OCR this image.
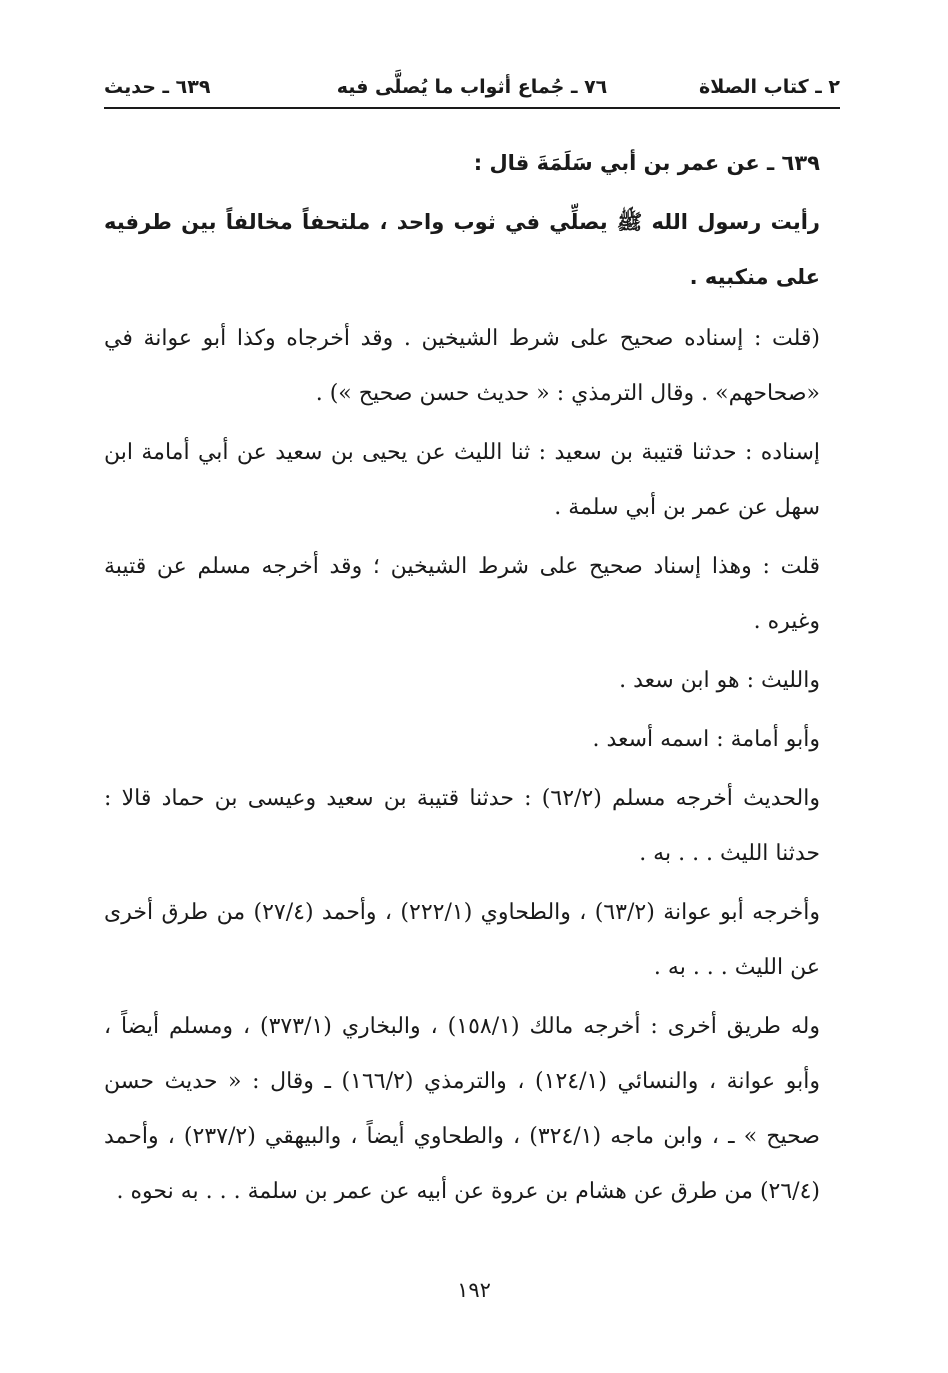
٢ ـ كتاب الصلاة
٧٦ ـ جُماع أثواب ما يُصلَّى فيه
٦٣٩ ـ حديث

٦٣٩ ـ عن عمر بن أبي سَلَمَةَ قال :

رأيت رسول الله ﷺ يصلِّي في ثوب واحد ، ملتحفاً مخالفاً بين طرفيه على منكبيه .

(قلت : إسناده صحيح على شرط الشيخين . وقد أخرجاه وكذا أبو عوانة في «صحاحهم» . وقال الترمذي : « حديث حسن صحيح ») .

إسناده : حدثنا قتيبة بن سعيد : ثنا الليث عن يحيى بن سعيد عن أبي أمامة ابن سهل عن عمر بن أبي سلمة .

قلت : وهذا إسناد صحيح على شرط الشيخين ؛ وقد أخرجه مسلم عن قتيبة وغيره .

والليث : هو ابن سعد .

وأبو أمامة : اسمه أسعد .

والحديث أخرجه مسلم (٦٢/٢) : حدثنا قتيبة بن سعيد وعيسى بن حماد قالا : حدثنا الليث . . . به .

وأخرجه أبو عوانة (٦٣/٢) ، والطحاوي (٢٢٢/١) ، وأحمد (٢٧/٤) من طرق أخرى عن الليث . . . به .

وله طريق أخرى : أخرجه مالك (١٥٨/١) ، والبخاري (٣٧٣/١) ، ومسلم أيضاً ، وأبو عوانة ، والنسائي (١٢٤/١) ، والترمذي (١٦٦/٢) ـ وقال : « حديث حسن صحيح » ـ ، وابن ماجه (٣٢٤/١) ، والطحاوي أيضاً ، والبيهقي (٢٣٧/٢) ، وأحمد (٢٦/٤) من طرق عن هشام بن عروة عن أبيه عن عمر بن سلمة . . . به نحوه .

١٩٢
